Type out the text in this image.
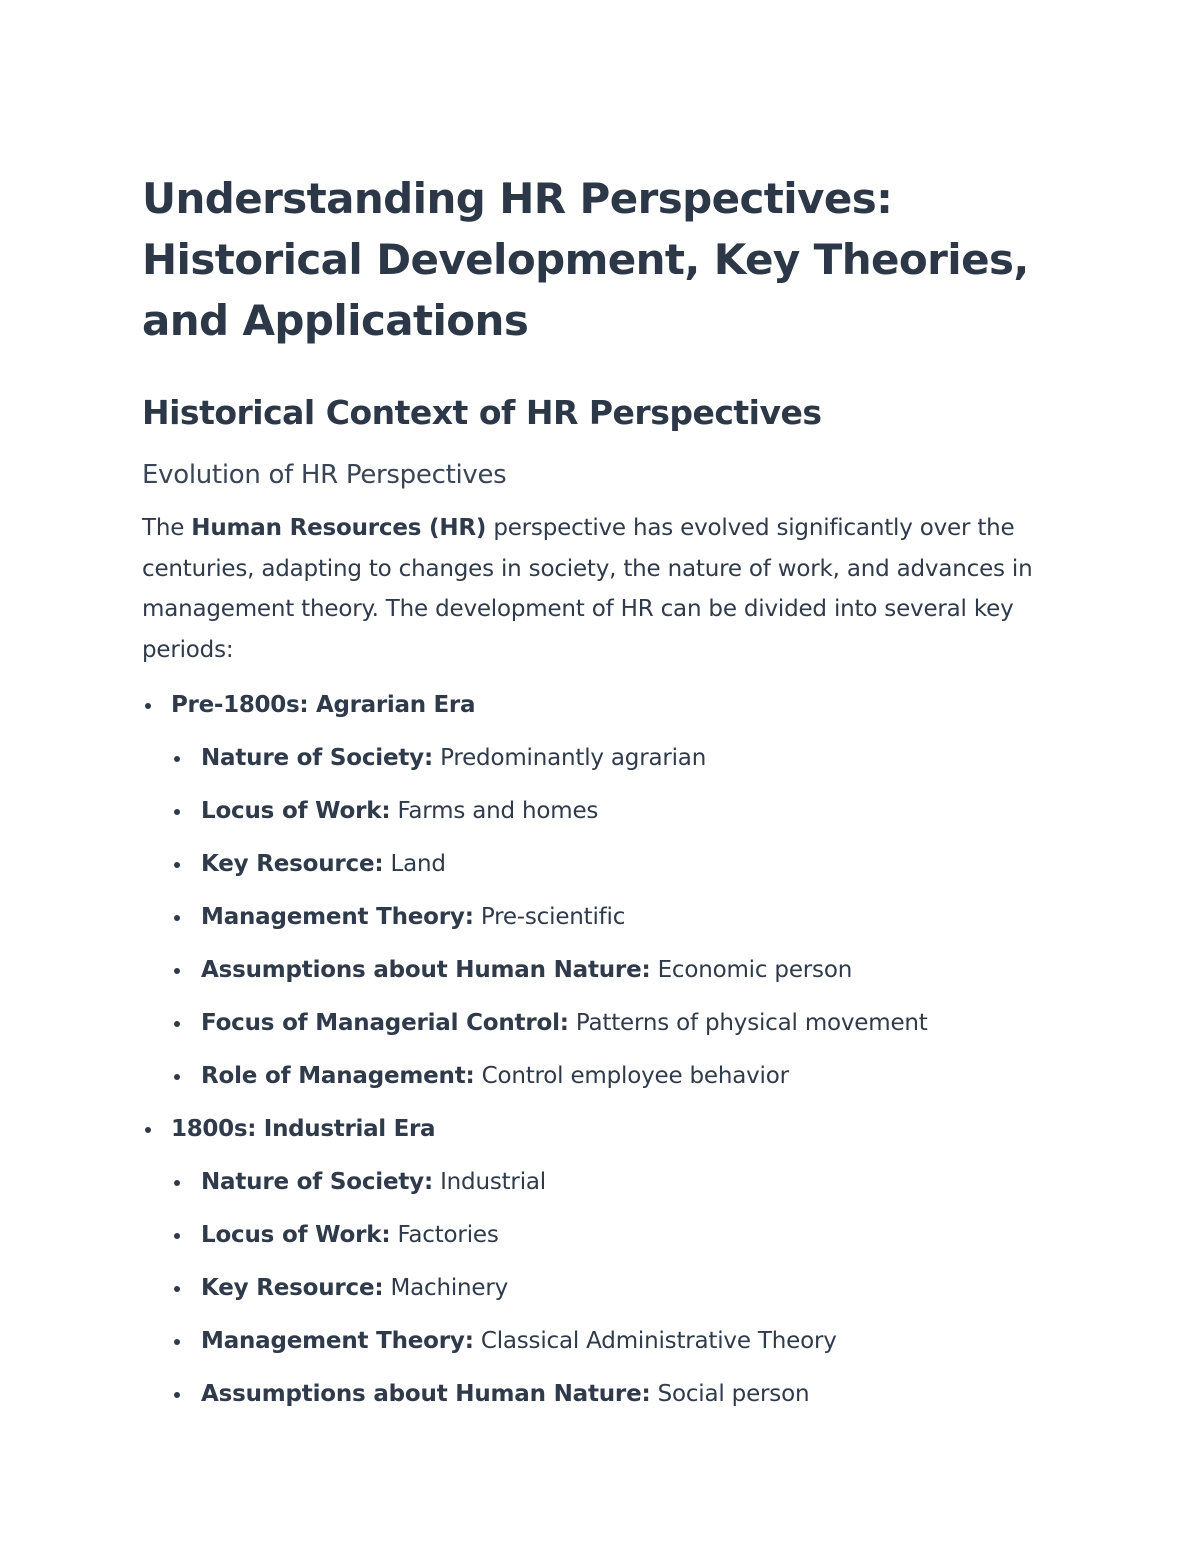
Understanding HR Perspectives: Historical Development, Key Theories, and Applications
Historical Context of HR Perspectives
Evolution of HR Perspectives

The Human Resources (HR) perspective has evolved significantly over the centuries, adapting to changes in society, the nature of work, and advances in management theory. The development of HR can be divided into several key periods:

Pre-1800s: Agrarian Era
Nature of Society: Predominantly agrarian
Locus of Work: Farms and homes
Key Resource: Land
Management Theory: Pre-scientific
Assumptions about Human Nature: Economic person
Focus of Managerial Control: Patterns of physical movement
Role of Management: Control employee behavior
1800s: Industrial Era
Nature of Society: Industrial
Locus of Work: Factories
Key Resource: Machinery
Management Theory: Classical Administrative Theory
Assumptions about Human Nature: Social person
